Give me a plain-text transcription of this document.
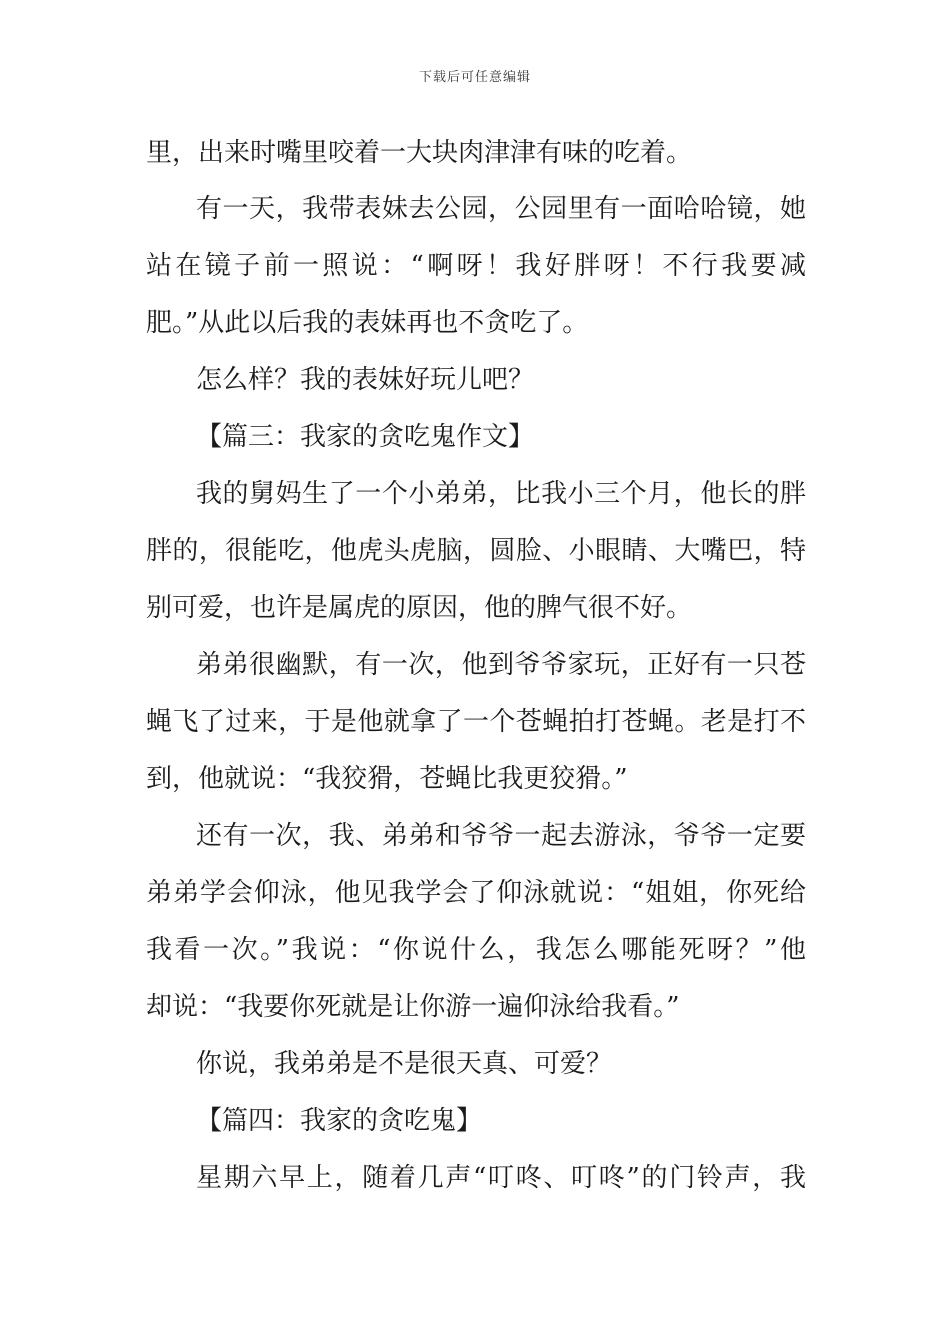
下载后可任意编辑
里，出来时嘴里咬着一大块肉津津有味的吃着。
有一天，我带表妹去公园，公园里有一面哈哈镜，她
站在镜子前一照说：“啊呀！我好胖呀！不行我要减
肥。”从此以后我的表妹再也不贪吃了。
怎么样？我的表妹好玩儿吧？
【篇三：我家的贪吃鬼作文】
我的舅妈生了一个小弟弟，比我小三个月，他长的胖
胖的，很能吃，他虎头虎脑，圆脸、小眼睛、大嘴巴，特
别可爱，也许是属虎的原因，他的脾气很不好。
弟弟很幽默，有一次，他到爷爷家玩，正好有一只苍
蝇飞了过来，于是他就拿了一个苍蝇拍打苍蝇。老是打不
到，他就说：“我狡猾，苍蝇比我更狡猾。”
还有一次，我、弟弟和爷爷一起去游泳，爷爷一定要
弟弟学会仰泳，他见我学会了仰泳就说：“姐姐，你死给
我看一次。”我说：“你说什么，我怎么哪能死呀？”他
却说：“我要你死就是让你游一遍仰泳给我看。”
你说，我弟弟是不是很天真、可爱？
【篇四：我家的贪吃鬼】
星期六早上，随着几声“叮咚、叮咚”的门铃声，我
